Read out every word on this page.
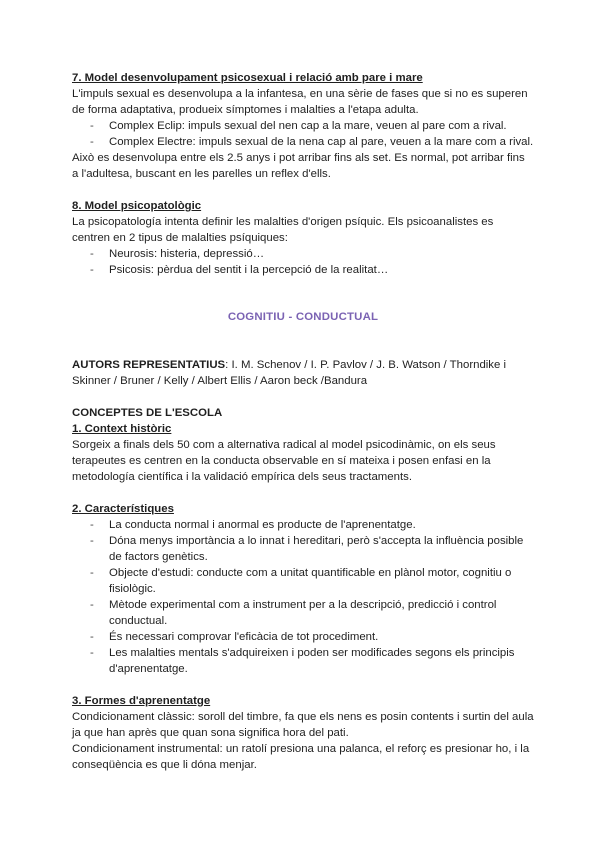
7. Model desenvolupament psicosexual i relació amb pare i mare

L'impuls sexual es desenvolupa a la infantesa, en una sèrie de fases que si no es superen de forma adaptativa, produeix símptomes i malalties a l'etapa adulta.

- Complex Eclip: impuls sexual del nen cap a la mare, veuen al pare com a rival.
- Complex Electre: impuls sexual de la nena cap al pare, veuen a la mare com a rival.

Això es desenvolupa entre els 2.5 anys i pot arribar fins als set. Es normal, pot arribar fins a l'adultesa, buscant en les parelles un reflex d'ells.

8. Model psicopatològic

La psicopatología intenta definir les malalties d'origen psíquic. Els psicoanalistes es centren en 2 tipus de malalties psíquiques:

- Neurosis: histeria, depressió…
- Psicosis: pèrdua del sentit i la percepció de la realitat…

COGNITIU - CONDUCTUAL

AUTORS REPRESENTATIUS: I. M. Schenov / I. P. Pavlov / J. B. Watson / Thorndike i Skinner / Bruner / Kelly / Albert Ellis / Aaron beck /Bandura

CONCEPTES DE L'ESCOLA

1. Context històric

Sorgeix a finals dels 50 com a alternativa radical al model psicodinàmic, on els seus terapeutes es centren en la conducta observable en sí mateixa i posen enfasi en la metodología científica i la validació empírica dels seus tractaments.

2. Característiques

- La conducta normal i anormal es producte de l'aprenentatge.
- Dóna menys importància a lo innat i hereditari, però s'accepta la influència posible de factors genètics.
- Objecte d'estudi: conducte com a unitat quantificable en plànol motor, cognitiu o fisiològic.
- Mètode experimental com a instrument per a la descripció, predicció i control conductual.
- És necessari comprovar l'eficàcia de tot procediment.
- Les malalties mentals s'adquireixen i poden ser modificades segons els principis d'aprenentatge.

3. Formes d'aprenentatge

Condicionament clàssic: soroll del timbre, fa que els nens es posin contents i surtin del aula ja que han après que quan sona significa hora del pati.

Condicionament instrumental: un ratolí presiona una palanca, el reforç es presionar ho, i la conseqüència es que li dóna menjar.
